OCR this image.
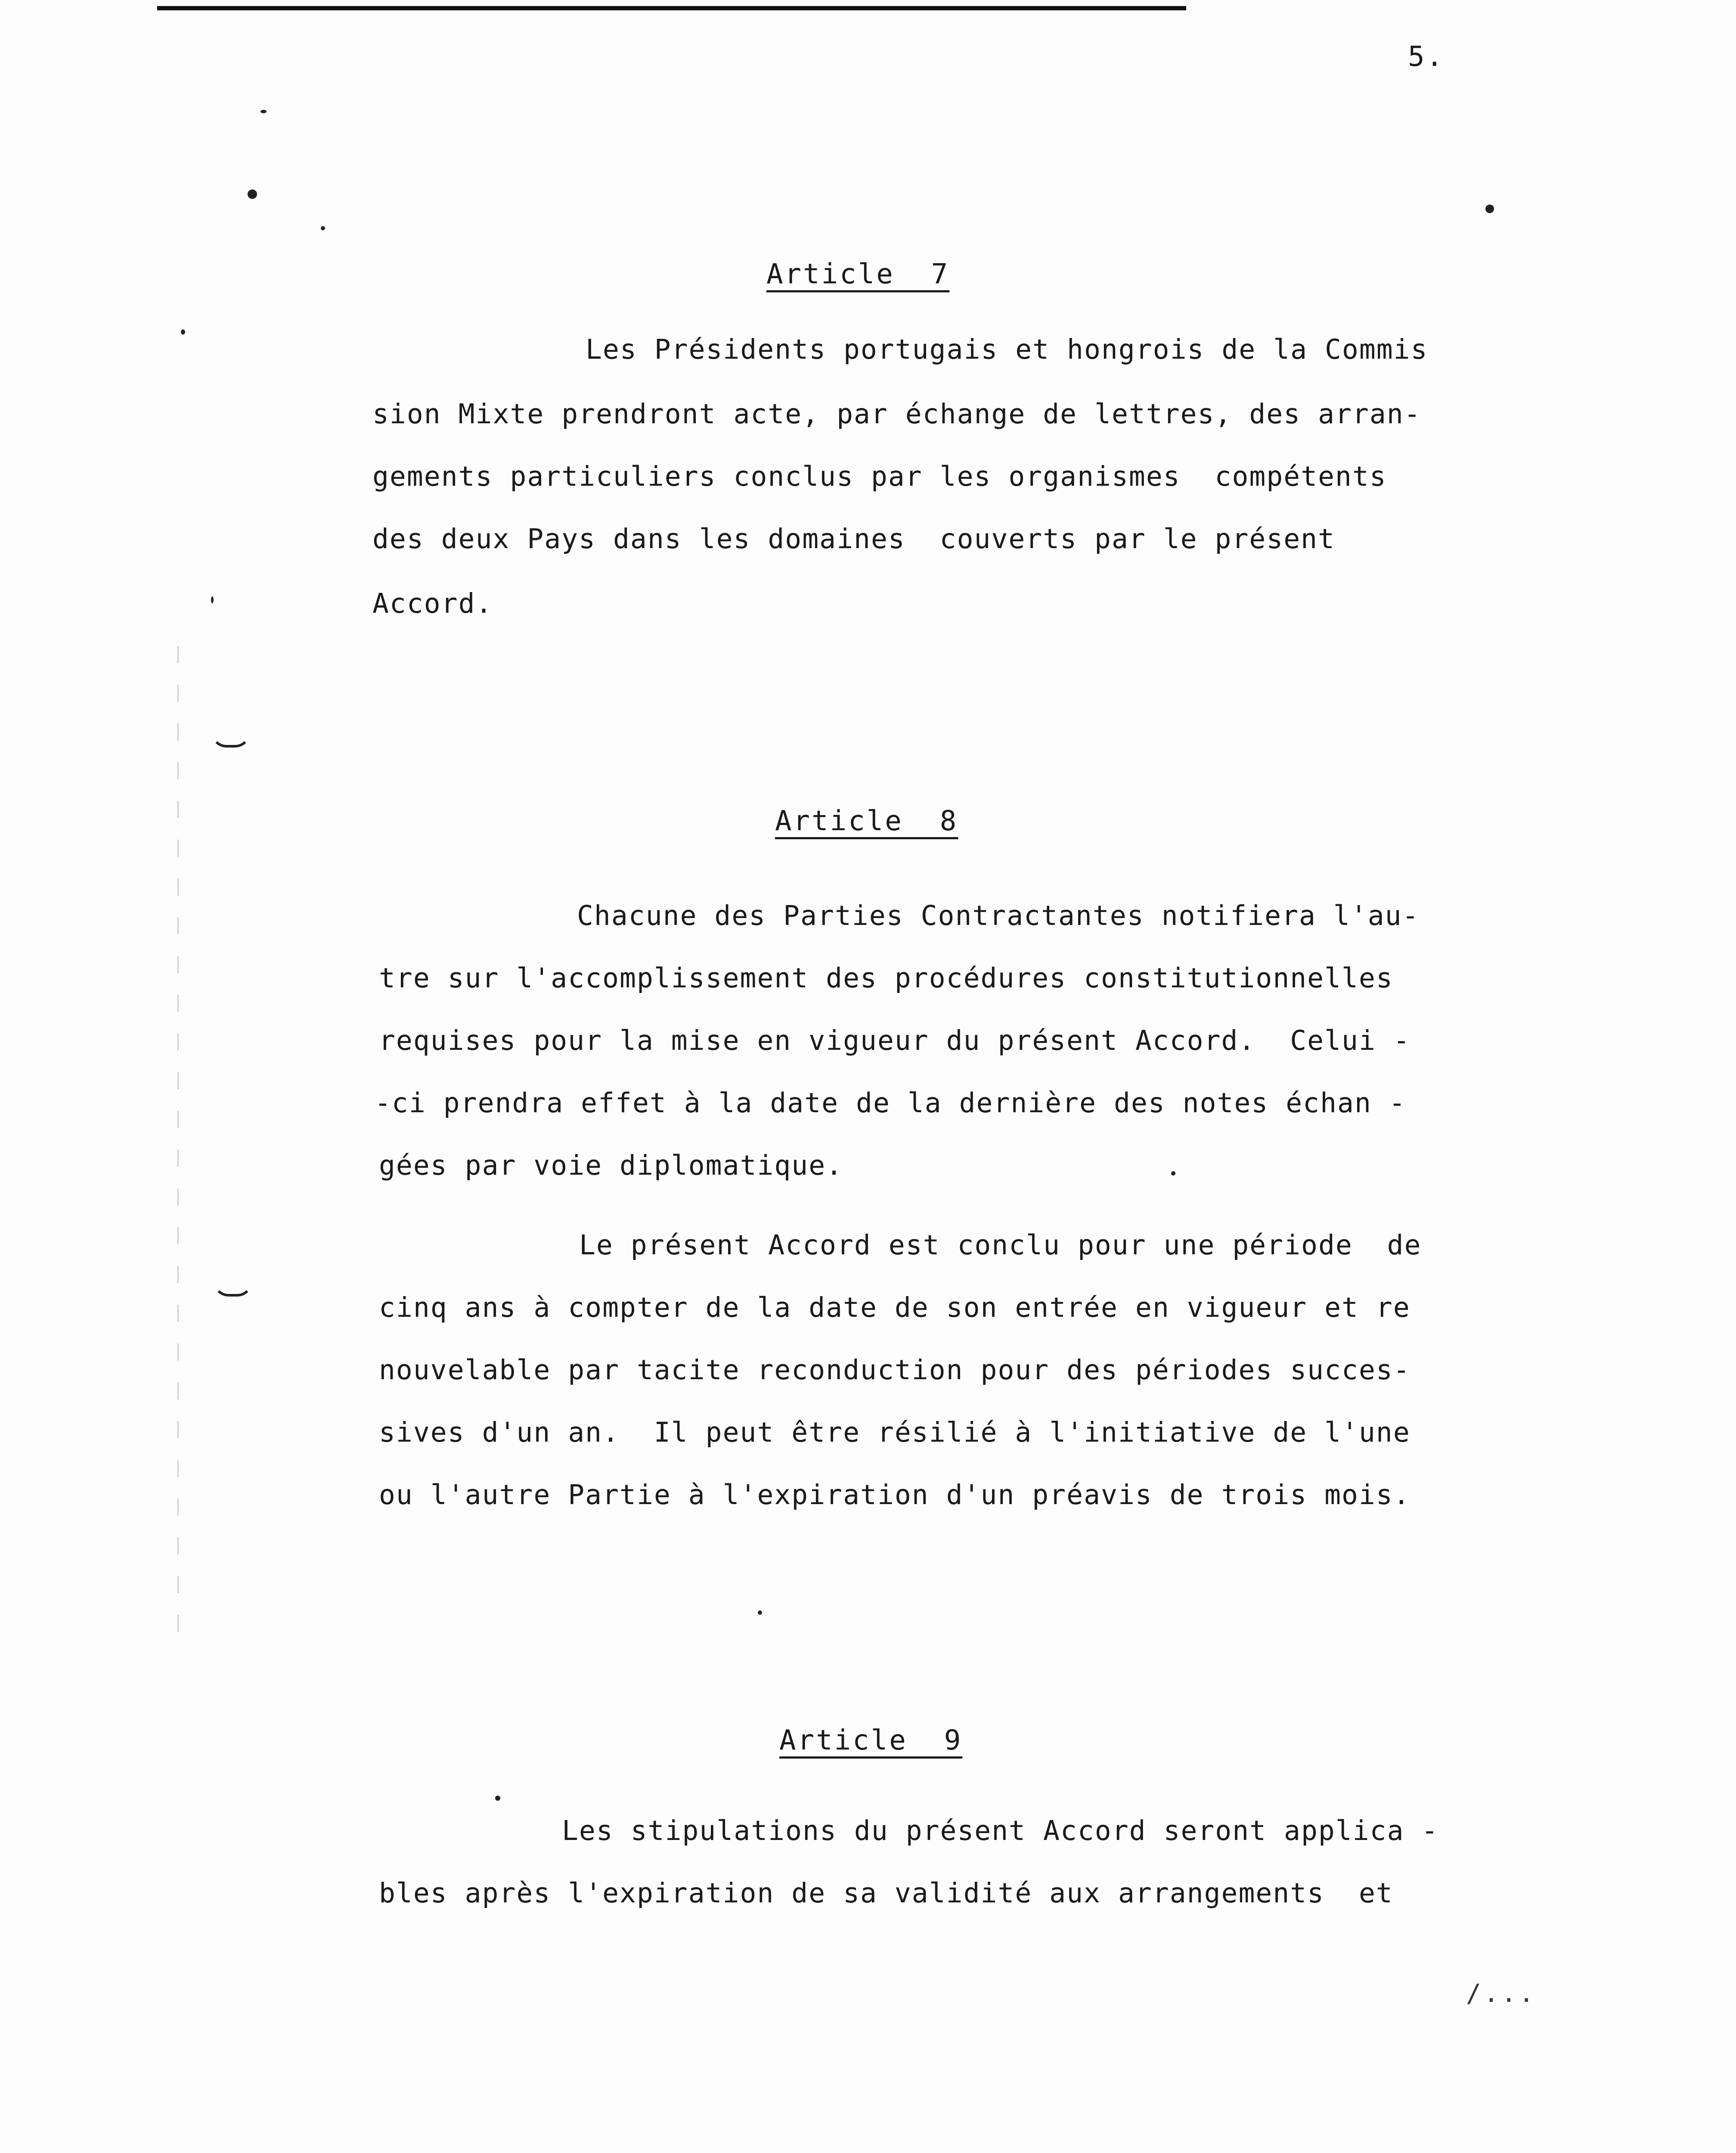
5.
Article  7
Les Présidents portugais et hongrois de la Commis
sion Mixte prendront acte, par échange de lettres, des arran-
gements particuliers conclus par les organismes  compétents
des deux Pays dans les domaines  couverts par le présent
Accord.
Article  8
Chacune des Parties Contractantes notifiera l'au-
tre sur l'accomplissement des procédures constitutionnelles
requises pour la mise en vigueur du présent Accord.  Celui -
-ci prendra effet à la date de la dernière des notes échan -
gées par voie diplomatique.
Le présent Accord est conclu pour une période  de
cinq ans à compter de la date de son entrée en vigueur et re
nouvelable par tacite reconduction pour des périodes succes-
sives d'un an.  Il peut être résilié à l'initiative de l'une
ou l'autre Partie à l'expiration d'un préavis de trois mois.
Article  9
Les stipulations du présent Accord seront applica -
bles après l'expiration de sa validité aux arrangements  et
/...
